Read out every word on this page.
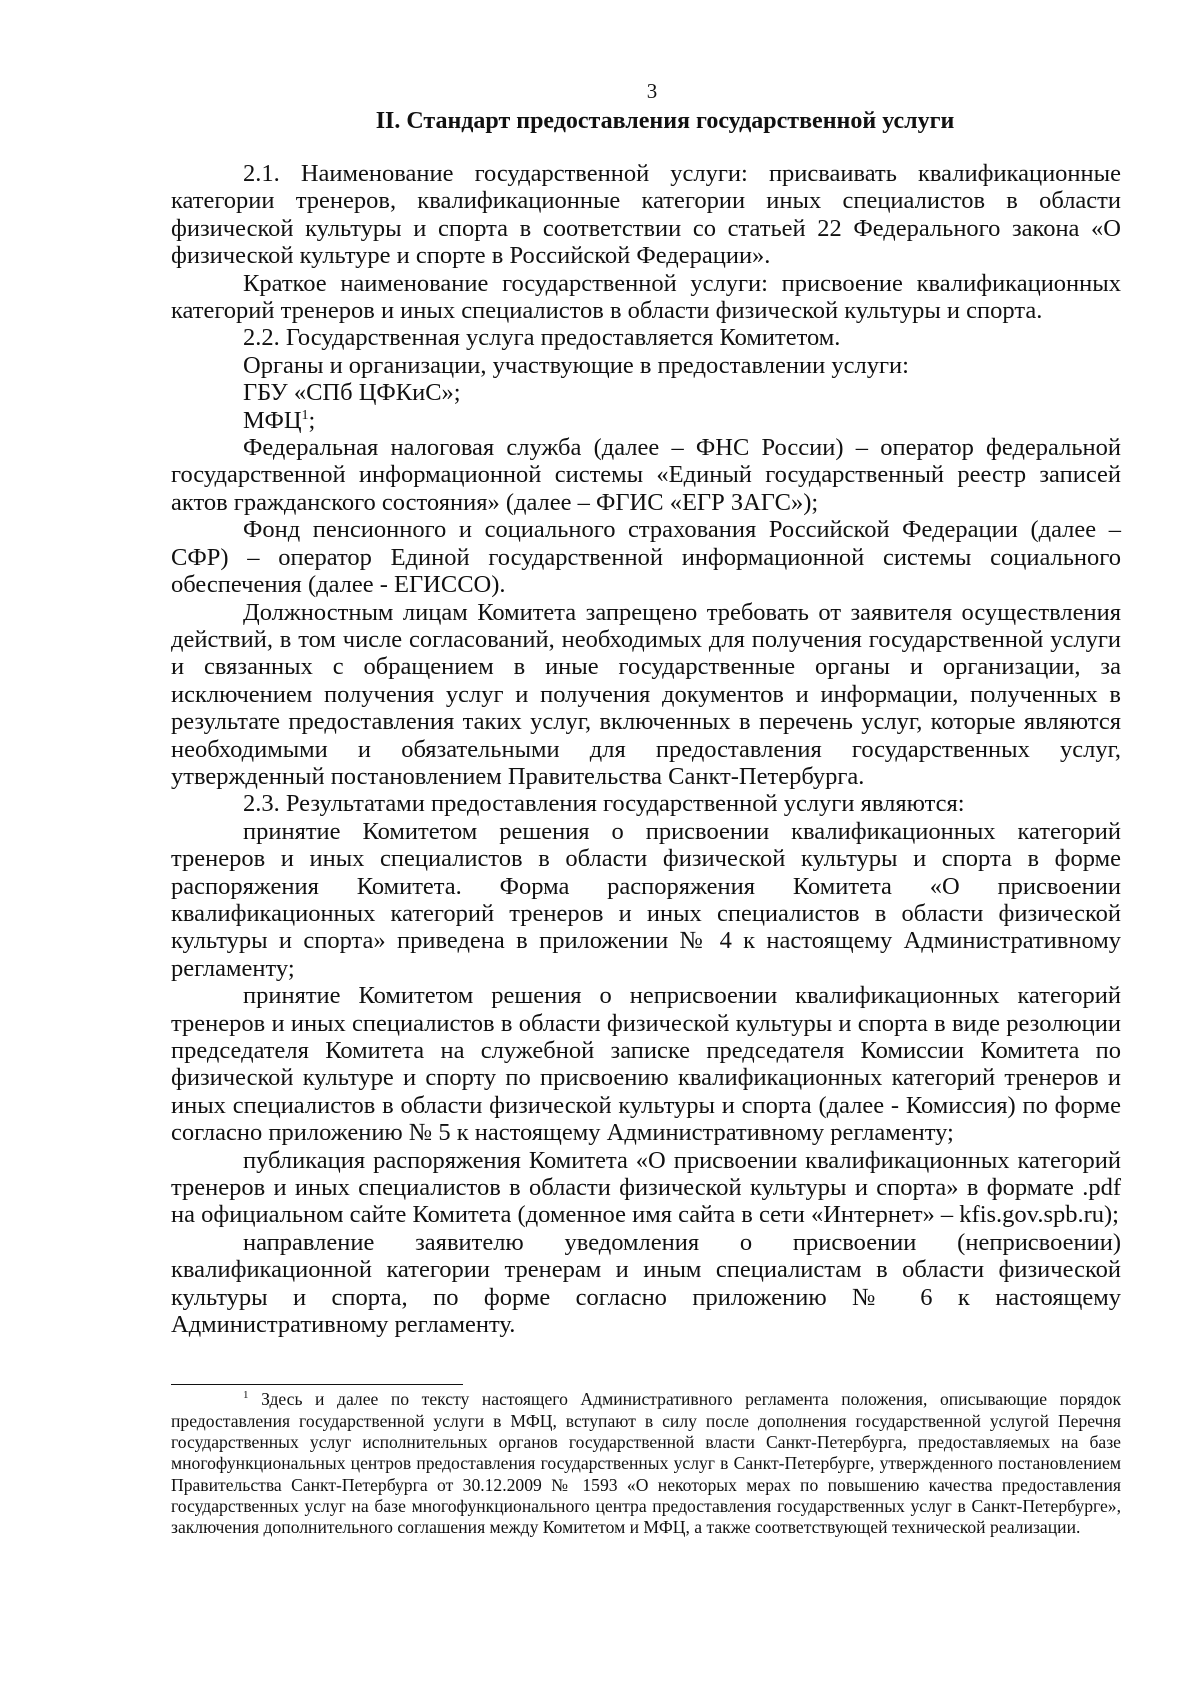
3
II. Стандарт предоставления государственной услуги

2.1. Наименование государственной услуги: присваивать квалификационные категории тренеров, квалификационные категории иных специалистов в области физической культуры и спорта в соответствии со статьей 22 Федерального закона «О физической культуре и спорте в Российской Федерации».

Краткое наименование государственной услуги: присвоение квалификационных категорий тренеров и иных специалистов в области физической культуры и спорта.

2.2. Государственная услуга предоставляется Комитетом.

Органы и организации, участвующие в предоставлении услуги:

ГБУ «СПб ЦФКиС»;

МФЦ$^1$;

Федеральная налоговая служба (далее – ФНС России) – оператор федеральной государственной информационной системы «Единый государственный реестр записей актов гражданского состояния» (далее – ФГИС «ЕГР ЗАГС»);

Фонд пенсионного и социального страхования Российской Федерации (далее – СФР) – оператор Единой государственной информационной системы социального обеспечения (далее - ЕГИССО).

Должностным лицам Комитета запрещено требовать от заявителя осуществления действий, в том числе согласований, необходимых для получения государственной услуги и связанных с обращением в иные государственные органы и организации, за исключением получения услуг и получения документов и информации, полученных в результате предоставления таких услуг, включенных в перечень услуг, которые являются необходимыми и обязательными для предоставления государственных услуг, утвержденный постановлением Правительства Санкт-Петербурга.

2.3. Результатами предоставления государственной услуги являются:

принятие Комитетом решения о присвоении квалификационных категорий тренеров и иных специалистов в области физической культуры и спорта в форме распоряжения Комитета. Форма распоряжения Комитета «О присвоении квалификационных категорий тренеров и иных специалистов в области физической культуры и спорта» приведена в приложении № 4 к настоящему Административному регламенту;

принятие Комитетом решения о неприсвоении квалификационных категорий тренеров и иных специалистов в области физической культуры и спорта в виде резолюции председателя Комитета на служебной записке председателя Комиссии Комитета по физической культуре и спорту по присвоению квалификационных категорий тренеров и иных специалистов в области физической культуры и спорта (далее - Комиссия) по форме согласно приложению № 5 к настоящему Административному регламенту;

публикация распоряжения Комитета «О присвоении квалификационных категорий тренеров и иных специалистов в области физической культуры и спорта» в формате .pdf на официальном сайте Комитета (доменное имя сайта в сети «Интернет» – kfis.gov.spb.ru);

направление заявителю уведомления о присвоении (неприсвоении) квалификационной категории тренерам и иным специалистам в области физической культуры и спорта, по форме согласно приложению № 6 к настоящему Административному регламенту.

$^1$ Здесь и далее по тексту настоящего Административного регламента положения, описывающие порядок предоставления государственной услуги в МФЦ, вступают в силу после дополнения государственной услугой Перечня государственных услуг исполнительных органов государственной власти Санкт-Петербурга, предоставляемых на базе многофункциональных центров предоставления государственных услуг в Санкт-Петербурге, утвержденного постановлением Правительства Санкт-Петербурга от 30.12.2009 № 1593 «О некоторых мерах по повышению качества предоставления государственных услуг на базе многофункционального центра предоставления государственных услуг в Санкт-Петербурге», заключения дополнительного соглашения между Комитетом и МФЦ, а также соответствующей технической реализации.
